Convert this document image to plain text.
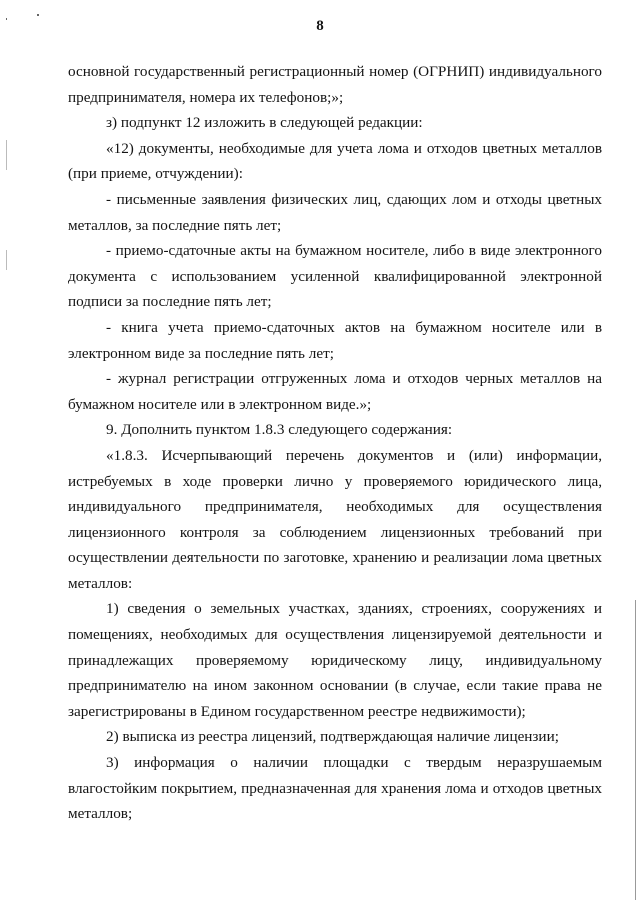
8
основной государственный регистрационный номер (ОГРНИП) индивидуального
предпринимателя, номера их телефонов;»;
з) подпункт 12 изложить в следующей редакции:
«12) документы, необходимые для учета лома и отходов цветных металлов
(при приеме, отчуждении):
- письменные заявления физических лиц, сдающих лом и отходы цветных
металлов, за последние пять лет;
- приемо-сдаточные акты на бумажном носителе, либо в виде электронного
документа с использованием усиленной квалифицированной электронной
подписи за последние пять лет;
- книга учета приемо-сдаточных актов на бумажном носителе или в
электронном виде за последние пять лет;
- журнал регистрации отгруженных лома и отходов черных металлов на
бумажном носителе или в электронном виде.»;
9. Дополнить пунктом 1.8.3 следующего содержания:
«1.8.3. Исчерпывающий перечень документов и (или) информации,
истребуемых в ходе проверки лично у проверяемого юридического лица,
индивидуального предпринимателя, необходимых для осуществления
лицензионного контроля за соблюдением лицензионных требований при
осуществлении деятельности по заготовке, хранению и реализации лома цветных
металлов:
1) сведения о земельных участках, зданиях, строениях, сооружениях и
помещениях, необходимых для осуществления лицензируемой деятельности и
принадлежащих проверяемому юридическому лицу, индивидуальному
предпринимателю на ином законном основании (в случае, если такие права не
зарегистрированы в Едином государственном реестре недвижимости);
2) выписка из реестра лицензий, подтверждающая наличие лицензии;
3) информация о наличии площадки с твердым неразрушаемым
влагостойким покрытием, предназначенная для хранения лома и отходов цветных
металлов;
